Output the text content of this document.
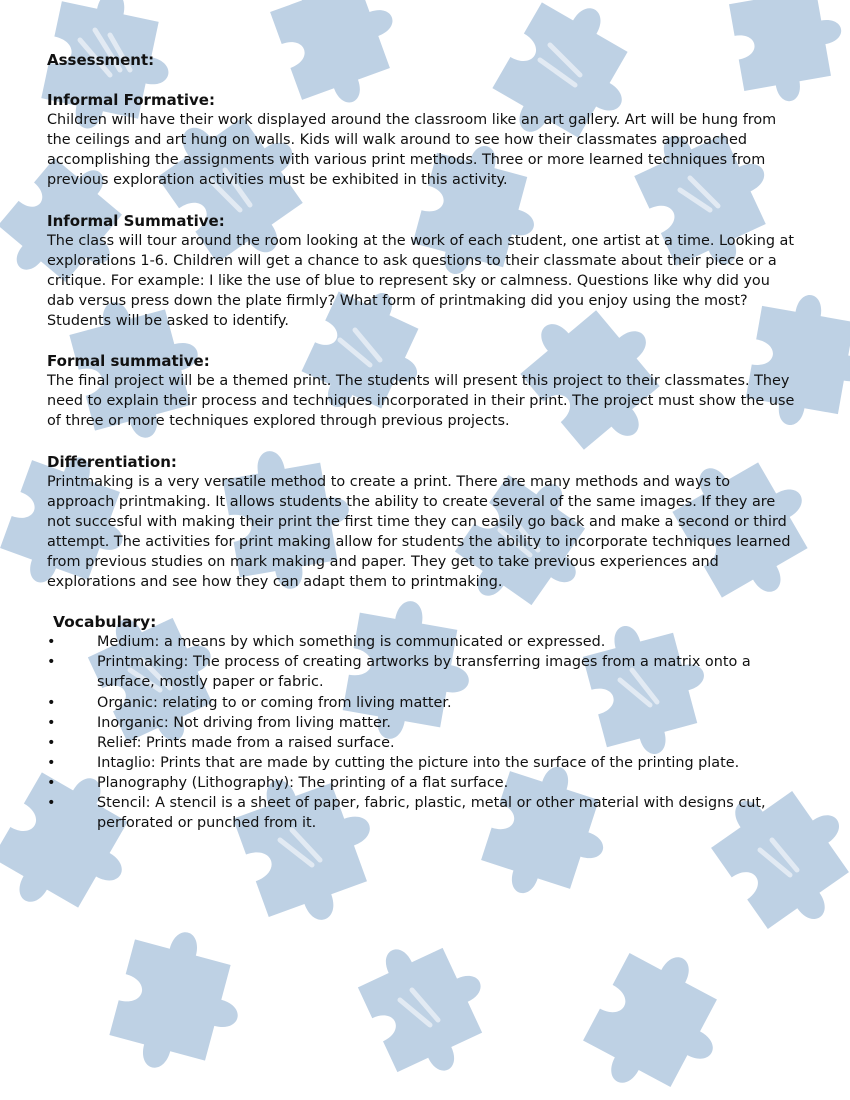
Assessment:
Informal Formative:

Children will have their work displayed around the classroom like an art gallery. Art will be hung from the ceilings and art hung on walls. Kids will walk around to see how their classmates approached accomplishing the assignments with various print methods. Three or more learned techniques from previous exploration activities must be exhibited in this activity.

Informal Summative:

The class will tour around the room looking at the work of each student, one artist at a time. Looking at explorations 1-6. Children will get a chance to ask questions to their classmate about their piece or a critique. For example: I like the use of blue to represent sky or calmness. Questions like why did you dab versus press down the plate firmly? What form of printmaking did you enjoy using the most? Students will be asked to identify.

Formal summative:

The final project will be a themed print. The students will present this project to their classmates. They need to explain their process and techniques incorporated in their print. The project must show the use of three or more techniques explored through previous projects.

Differentiation:

Printmaking is a very versatile method to create a print. There are many methods and ways to approach printmaking. It allows students the ability to create several of the same images. If they are not succesful with making their print the first time they can easily go back and make a second or third attempt. The activities for print making allow for students the ability to incorporate techniques learned from previous studies on mark making and paper. They get to take previous experiences and explorations and see how they can adapt them to printmaking.

Vocabulary:
•	Medium: a means by which something is communicated or expressed.
•	Printmaking: The process of creating artworks by transferring images from a matrix onto a surface, mostly paper or fabric.
•	Organic: relating to or coming from living matter.
•	Inorganic: Not driving from living matter.
•	Relief: Prints made from a raised surface.
•	Intaglio: Prints that are made by cutting the picture into the surface of the printing plate.
•	Planography (Lithography): The printing of a flat surface.
•	Stencil: A stencil is a sheet of paper, fabric, plastic, metal or other material with designs cut, perforated or punched from it.
